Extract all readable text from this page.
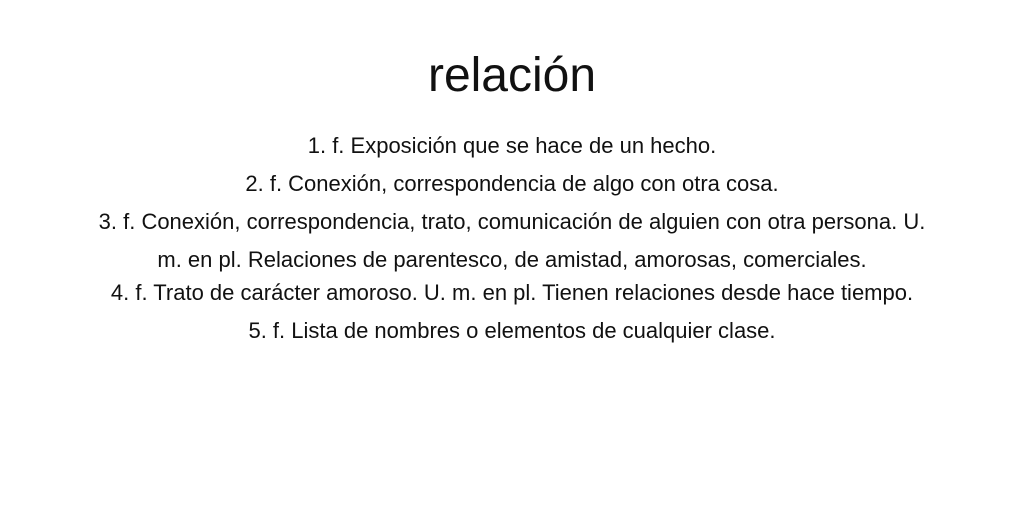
relación
1. f. Exposición que se hace de un hecho.
2. f. Conexión, correspondencia de algo con otra cosa.
3. f. Conexión, correspondencia, trato, comunicación de alguien con otra persona. U. m. en pl. Relaciones de parentesco, de amistad, amorosas, comerciales.
4. f. Trato de carácter amoroso. U. m. en pl. Tienen relaciones desde hace tiempo.
5. f. Lista de nombres o elementos de cualquier clase.
